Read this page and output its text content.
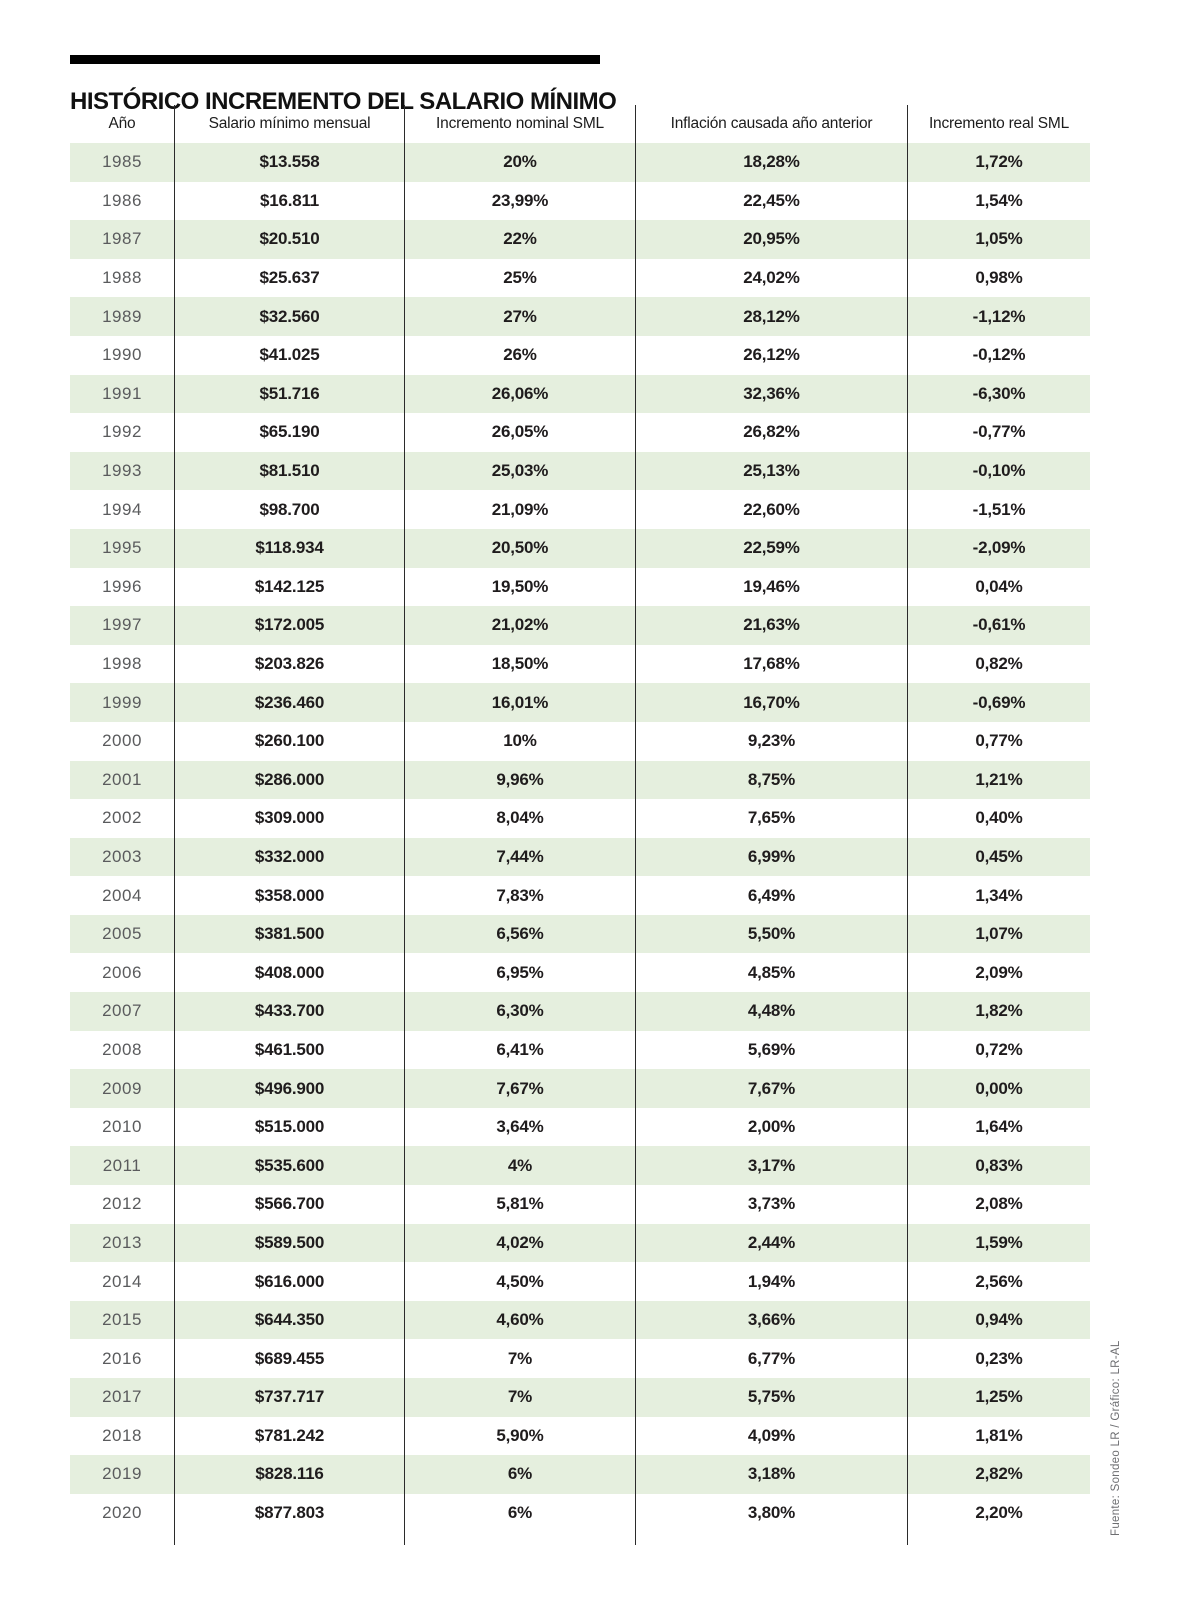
HISTÓRICO INCREMENTO DEL SALARIO MÍNIMO
Año	Salario mínimo mensual	Incremento nominal SML	Inflación causada año anterior	Incremento real SML
1985	$13.558	20%	18,28%	1,72%
1986	$16.811	23,99%	22,45%	1,54%
1987	$20.510	22%	20,95%	1,05%
1988	$25.637	25%	24,02%	0,98%
1989	$32.560	27%	28,12%	-1,12%
1990	$41.025	26%	26,12%	-0,12%
1991	$51.716	26,06%	32,36%	-6,30%
1992	$65.190	26,05%	26,82%	-0,77%
1993	$81.510	25,03%	25,13%	-0,10%
1994	$98.700	21,09%	22,60%	-1,51%
1995	$118.934	20,50%	22,59%	-2,09%
1996	$142.125	19,50%	19,46%	0,04%
1997	$172.005	21,02%	21,63%	-0,61%
1998	$203.826	18,50%	17,68%	0,82%
1999	$236.460	16,01%	16,70%	-0,69%
2000	$260.100	10%	9,23%	0,77%
2001	$286.000	9,96%	8,75%	1,21%
2002	$309.000	8,04%	7,65%	0,40%
2003	$332.000	7,44%	6,99%	0,45%
2004	$358.000	7,83%	6,49%	1,34%
2005	$381.500	6,56%	5,50%	1,07%
2006	$408.000	6,95%	4,85%	2,09%
2007	$433.700	6,30%	4,48%	1,82%
2008	$461.500	6,41%	5,69%	0,72%
2009	$496.900	7,67%	7,67%	0,00%
2010	$515.000	3,64%	2,00%	1,64%
2011	$535.600	4%	3,17%	0,83%
2012	$566.700	5,81%	3,73%	2,08%
2013	$589.500	4,02%	2,44%	1,59%
2014	$616.000	4,50%	1,94%	2,56%
2015	$644.350	4,60%	3,66%	0,94%
2016	$689.455	7%	6,77%	0,23%
2017	$737.717	7%	5,75%	1,25%
2018	$781.242	5,90%	4,09%	1,81%
2019	$828.116	6%	3,18%	2,82%
2020	$877.803	6%	3,80%	2,20%	Fuente: Sondeo LR / Gráfico: LR-AL
